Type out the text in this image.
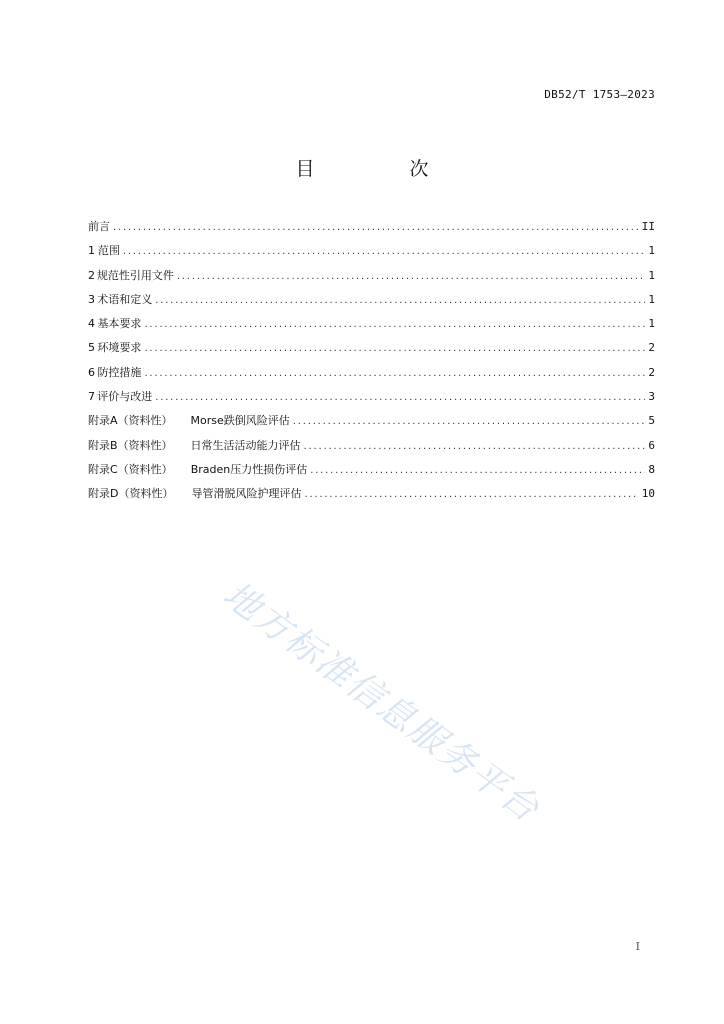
DB52/T 1753—2023
目　次
前言 .....	II
1 范围 .....	1
2 规范性引用文件 .....	1
3 术语和定义 .....	1
4 基本要求 .....	1
5 环境要求 .....	2
6 防控措施 .....	2
7 评价与改进 .....	3
附录A（资料性） Morse跌倒风险评估 .....	5
附录B（资料性） 日常生活活动能力评估 .....	6
附录C（资料性） Braden压力性损伤评估 .....	8
附录D（资料性） 导管滑脱风险护理评估 .....	10
地方标准信息服务平台
I
